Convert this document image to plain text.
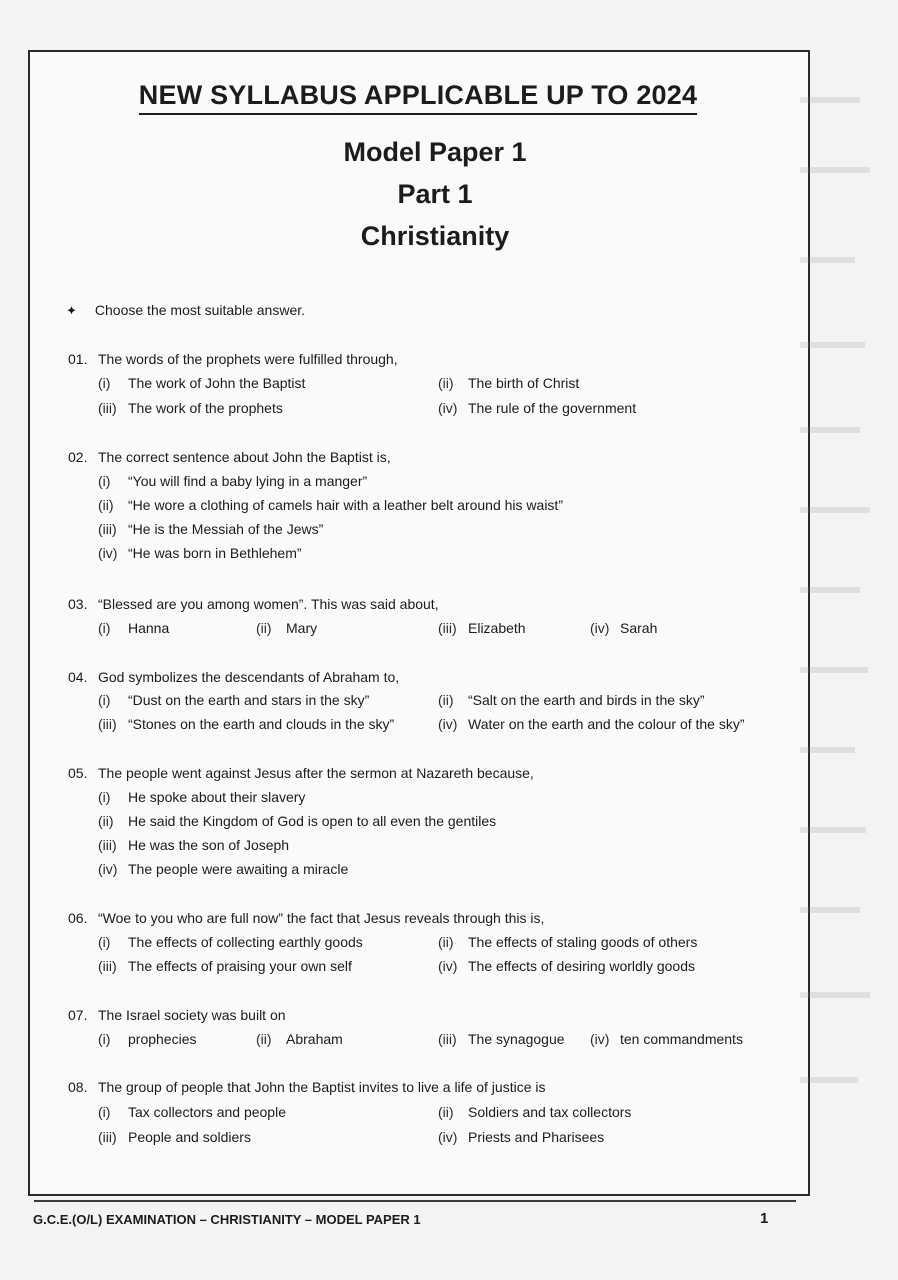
NEW SYLLABUS APPLICABLE UP TO 2024
Model Paper 1
Part 1
Christianity
✦ Choose the most suitable answer.
01. The words of the prophets were fulfilled through,
(i) The work of John the Baptist	(ii) The birth of Christ
(iii) The work of the prophets	(iv) The rule of the government
02. The correct sentence about John the Baptist is,
(i) “You will find a baby lying in a manger”
(ii) “He wore a clothing of camels hair with a leather belt around his waist”
(iii) “He is the Messiah of the Jews”
(iv) “He was born in Bethlehem”
03. “Blessed are you among women”. This was said about,
(i) Hanna	(ii) Mary	(iii) Elizabeth	(iv) Sarah
04. God symbolizes the descendants of Abraham to,
(i) “Dust on the earth and stars in the sky”	(ii) “Salt on the earth and birds in the sky”
(iii) “Stones on the earth and clouds in the sky”	(iv) Water on the earth and the colour of the sky”
05. The people went against Jesus after the sermon at Nazareth because,
(i) He spoke about their slavery
(ii) He said the Kingdom of God is open to all even the gentiles
(iii) He was the son of Joseph
(iv) The people were awaiting a miracle
06. “Woe to you who are full now” the fact that Jesus reveals through this is,
(i) The effects of collecting earthly goods	(ii) The effects of staling goods of others
(iii) The effects of praising your own self	(iv) The effects of desiring worldly goods
07. The Israel society was built on
(i) prophecies	(ii) Abraham	(iii) The synagogue (iv) ten commandments
08. The group of people that John the Baptist invites to live a life of justice is
(i) Tax collectors and people	(ii) Soldiers and tax collectors
(iii) People and soldiers	(iv) Priests and Pharisees
G.C.E.(O/L) EXAMINATION – CHRISTIANITY – MODEL PAPER 1	1
